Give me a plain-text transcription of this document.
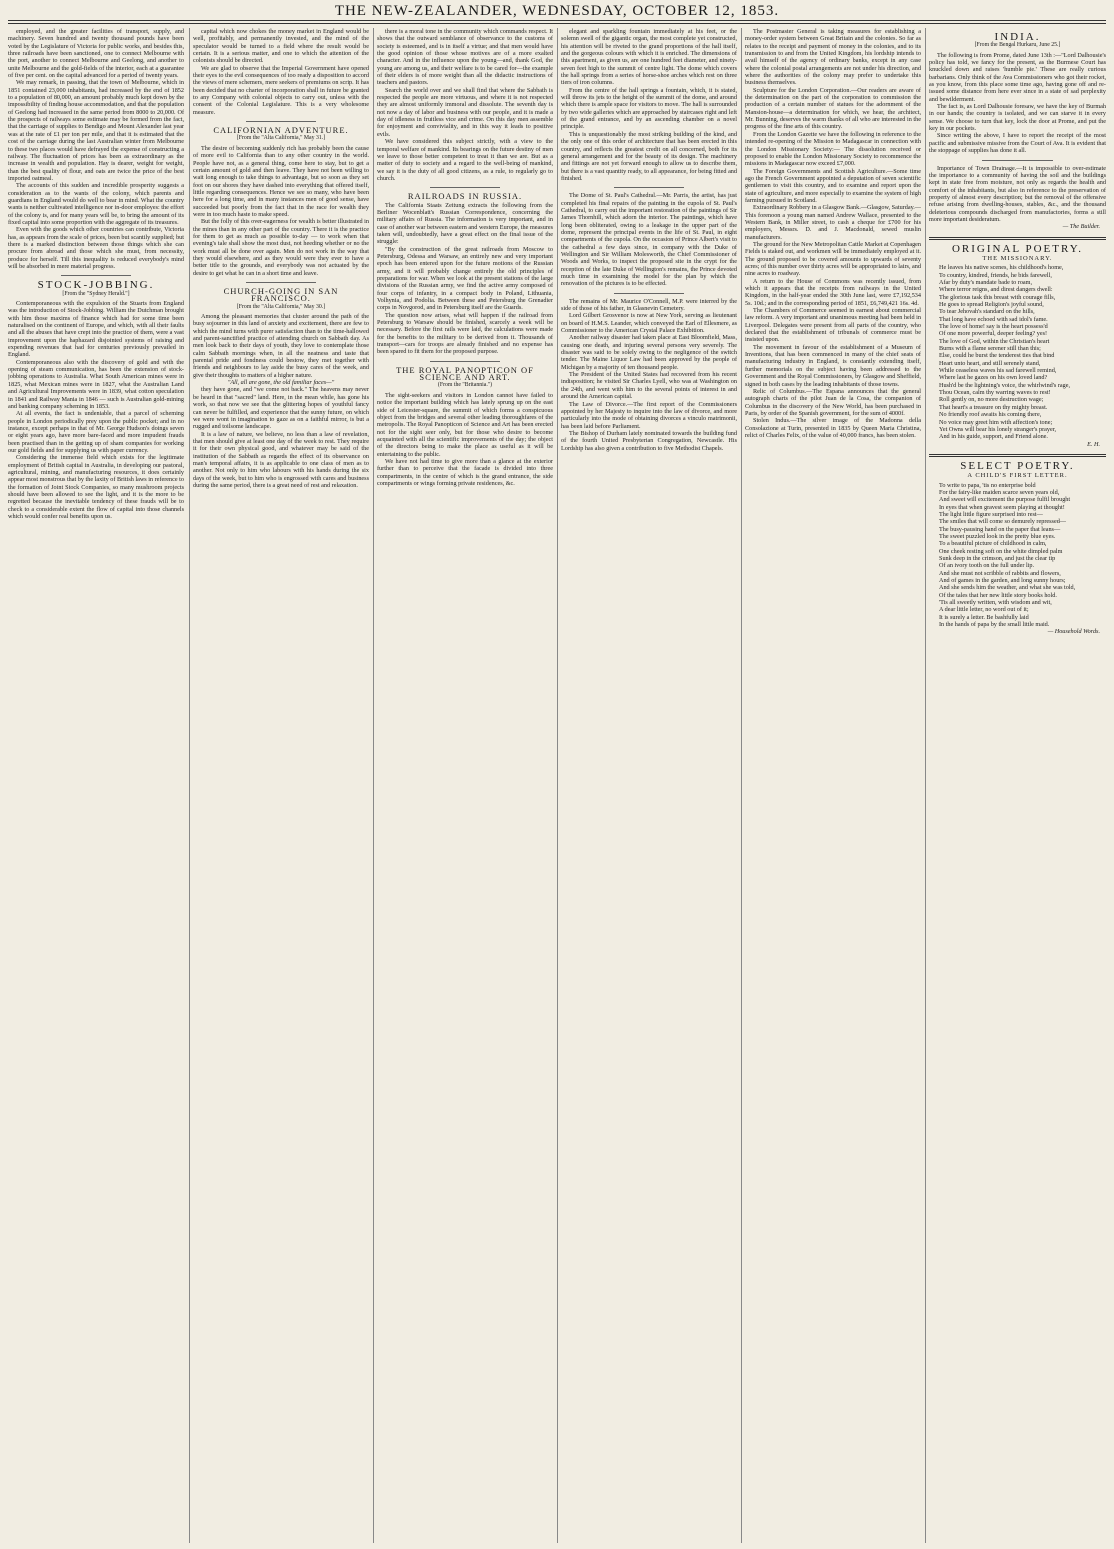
THE NEW-ZEALANDER, WEDNESDAY, OCTOBER 12, 1853.

employed, and the greater facilities of transport, supply, and machinery. Seven hundred and twenty thousand pounds have been voted by the Legislature of Victoria for public works, and besides this, three railroads have been sanctioned, one to connect Melbourne with the port, another to connect Melbourne and Geelong, and another to unite Melbourne and the gold-fields of the interior, each at a guarantee of five per cent. on the capital advanced for a period of twenty years.

We may remark, in passing, that the town of Melbourne, which in 1851 contained 23,000 inhabitants, had increased by the end of 1852 to a population of 80,000, an amount probably much kept down by the impossibility of finding house accommodation, and that the population of Geelong had increased in the same period from 8000 to 20,000. Of the prospects of railways some estimate may be formed from the fact, that the carriage of supplies to Bendigo and Mount Alexander last year was at the rate of £1 per ton per mile, and that it is estimated that the cost of the carriage during the last Australian winter from Melbourne to these two places would have defrayed the expense of constructing a railway. The fluctuation of prices has been as extraordinary as the increase in wealth and population. Hay is dearer, weight for weight, than the best quality of flour, and oats are twice the price of the best imported oatmeal.

The accounts of this sudden and incredible prosperity suggests a consideration as to the wants of the colony, which parents and guardians in England would do well to bear in mind. What the country wants is neither cultivated intelligence nor in-door employes: the effort of the colony is, and for many years will be, to bring the amount of its fixed capital into some proportion with the aggregate of its treasures.

Even with the goods which other countries can contribute, Victoria has, as appears from the scale of prices, been but scantily supplied; but there is a marked distinction between those things which she can procure from abroad and those which she must, from necessity, produce for herself. Till this inequality is reduced everybody's mind will be absorbed in mere material progress.

STOCK-JOBBING.
[From the "Sydney Herald."]

Contemporaneous with the expulsion of the Stuarts from England was the introduction of Stock-Jobbing. William the Dutchman brought with him those maxims of finance which had for some time been naturalised on the continent of Europe, and which, with all their faults and all the abuses that have crept into the practice of them, were a vast improvement upon the haphazard disjointed systems of raising and expending revenues that had for centuries previously prevailed in England.

Contemporaneous also with the discovery of gold and with the opening of steam communication, has been the extension of stock-jobbing operations to Australia. What South American mines were in 1825, what Mexican mines were in 1827, what the Australian Land and Agricultural Improvements were in 1839, what cotton speculation in 1841 and Railway Mania in 1846 — such is Australian gold-mining and banking company scheming in 1853.

At all events, the fact is undeniable, that a parcel of scheming people in London periodically prey upon the public pocket; and in no instance, except perhaps in that of Mr. George Hudson's doings seven or eight years ago, have more bare-faced and more impudent frauds been practised than in the getting up of sham companies for working our gold fields and for supplying us with paper currency.

Considering the immense field which exists for the legitimate employment of British capital in Australia, in developing our pastoral, agricultural, mining, and manufacturing resources, it does certainly appear most monstrous that by the laxity of British laws in reference to the formation of Joint Stock Companies, so many mushroom projects should have been allowed to see the light, and it is the more to be regretted because the inevitable tendency of these frauds will be to check to a considerable extent the flow of capital into those channels which would confer real benefits upon us.

capital which now chokes the money market in England would be well, profitably, and permanently invested, and the mind of the speculator would be turned to a field where the result would be certain. It is a serious matter, and one to which the attention of the colonists should be directed.

We are glad to observe that the Imperial Government have opened their eyes to the evil consequences of too ready a disposition to accord the views of mere schemers, mere seekers of premiums on scrip. It has been decided that no charter of incorporation shall in future be granted to any Company with colonial objects to carry out, unless with the consent of the Colonial Legislature. This is a very wholesome measure.

CALIFORNIAN ADVENTURE.
[From the "Alta California," May 31.]

The desire of becoming suddenly rich has probably been the cause of more evil to California than to any other country in the world. People have not, as a general thing, come here to stay, but to get a certain amount of gold and then leave. They have not been willing to wait long enough to take things to advantage, but so soon as they set foot on our shores they have dashed into everything that offered itself, little regarding consequences. Hence we see so many, who have been here for a long time, and in many instances men of good sense, have succeeded but poorly from the fact that in the race for wealth they were in too much haste to make speed.

But the folly of this over-eagerness for wealth is better illustrated in the mines than in any other part of the country. There it is the practice for them to get as much as possible to-day — to work when that evening's tale shall show the most dust, not heeding whether or no the work must all be done over again. Men do not work in the way that they would elsewhere, and as they would were they ever to have a better title to the grounds, and everybody was not actuated by the desire to get what he can in a short time and leave.

CHURCH-GOING IN SAN FRANCISCO.
[From the "Alta California," May 30.]

Among the pleasant memories that cluster around the path of the busy sojourner in this land of anxiety and excitement, there are few to which the mind turns with purer satisfaction than to the time-hallowed and parent-sanctified practice of attending church on Sabbath day. As men look back to their days of youth, they love to contemplate those calm Sabbath mornings when, in all the neatness and taste that parental pride and fondness could bestow, they met together with friends and neighbours to lay aside the busy cares of the week, and give their thoughts to matters of a higher nature.

"All, all are gone, the old familiar faces—"

they have gone, and "we come not back." The heavens may never be heard in that "sacred" land. Here, in the mean while, has gone his work, so that now we see that the glittering hopes of youthful fancy can never be fulfilled, and experience that the sunny future, on which we were wont in imagination to gaze as on a faithful mirror, is but a rugged and toilsome landscape.

It is a law of nature, we believe, no less than a law of revelation, that men should give at least one day of the week to rest. They require it for their own physical good, and whatever may be said of the institution of the Sabbath as regards the effect of its observance on man's temporal affairs, it is as applicable to one class of men as to another. Not only to him who labours with his hands during the six days of the week, but to him who is engrossed with cares and business during the same period, there is a great need of rest and relaxation.

there is a moral tone in the community which commands respect. It shows that the outward semblance of observance to the customs of society is esteemed, and is in itself a virtue; and that men would have the good opinion of those whose motives are of a more exalted character. And in the influence upon the young—and, thank God, the young are among us, and their welfare is to be cared for—the example of their elders is of more weight than all the didactic instructions of teachers and pastors.

Search the world over and we shall find that where the Sabbath is respected the people are more virtuous, and where it is not respected they are almost uniformly immoral and dissolute. The seventh day is not now a day of labor and business with our people, and it is made a day of idleness in fruitless vice and crime. On this day men assemble for enjoyment and conviviality, and in this way it leads to positive evils.

We have considered this subject strictly, with a view to the temporal welfare of mankind. Its bearings on the future destiny of men we leave to those better competent to treat it than we are. But as a matter of duty to society and a regard to the well-being of mankind, we say it is the duty of all good citizens, as a rule, to regularly go to church.

RAILROADS IN RUSSIA.

The California Staats Zeitung extracts the following from the Berliner Wocenblatt's Russian Correspondence, concerning the military affairs of Russia. The information is very important, and in case of another war between eastern and western Europe, the measures taken will, undoubtedly, have a great effect on the final issue of the struggle:

"By the construction of the great railroads from Moscow to Petersburg, Odessa and Warsaw, an entirely new and very important epoch has been entered upon for the future motions of the Russian army, and it will probably change entirely the old principles of preparations for war. When we look at the present stations of the large divisions of the Russian army, we find the active army composed of four corps of infantry, in a compact body in Poland, Lithuania, Volhynia, and Podolia. Between these and Petersburg the Grenadier corps in Novgorod, and in Petersburg itself are the Guards.

The question now arises, what will happen if the railroad from Petersburg to Warsaw should be finished, scarcely a week will be necessary. Before the first rails were laid, the calculations were made for the benefits to the military to be derived from it. Thousands of transport—cars for troops are already finished and no expense has been spared to fit them for the proposed purpose.

THE ROYAL PANOPTICON OF SCIENCE AND ART.
(From the "Britannia.")

The sight-seekers and visitors in London cannot have failed to notice the important building which has lately sprung up on the east side of Leicester-square, the summit of which forms a conspicuous object from the bridges and several other leading thoroughfares of the metropolis. The Royal Panopticon of Science and Art has been erected not for the sight seer only, but for those who desire to become acquainted with all the scientific improvements of the day; the object of the directors being to make the place as useful as it will be entertaining to the public.

We have not had time to give more than a glance at the exterior further than to perceive that the facade is divided into three compartments, in the centre of which is the grand entrance, the side compartments or wings forming private residences, &c.

elegant and sparkling fountain immediately at his feet, or the solemn swell of the gigantic organ, the most complete yet constructed, his attention will be riveted to the grand proportions of the hall itself, and the gorgeous colours with which it is enriched. The dimensions of this apartment, as given us, are one hundred feet diameter, and ninety-seven feet high to the summit of centre light. The dome which covers the hall springs from a series of horse-shoe arches which rest on three tiers of iron columns.

From the centre of the hall springs a fountain, which, it is stated, will throw its jets to the height of the summit of the dome, and around which there is ample space for visitors to move. The hall is surrounded by two wide galleries which are approached by staircases right and left of the grand entrance, and by an ascending chamber on a novel principle.

This is unquestionably the most striking building of the kind, and the only one of this order of architecture that has been erected in this country, and reflects the greatest credit on all concerned, both for its general arrangement and for the beauty of its design. The machinery and fittings are not yet forward enough to allow us to describe them, but there is a vast quantity ready, to all appearance, for being fitted and finished.

The Dome of St. Paul's Cathedral.—Mr. Parris, the artist, has just completed his final repairs of the painting in the cupola of St. Paul's Cathedral, to carry out the important restoration of the paintings of Sir James Thornhill, which adorn the interior. The paintings, which have long been obliterated, owing to a leakage in the upper part of the dome, represent the principal events in the life of St. Paul, in eight compartments of the cupola. On the occasion of Prince Albert's visit to the cathedral a few days since, in company with the Duke of Wellington and Sir William Molesworth, the Chief Commissioner of Woods and Works, to inspect the proposed site in the crypt for the reception of the late Duke of Wellington's remains, the Prince devoted much time in examining the model for the plan by which the renovation of the pictures is to be effected.

The remains of Mr. Maurice O'Connell, M.P. were interred by the side of those of his father, in Glasnevin Cemetery.

Lord Gilbert Grosvenor is now at New York, serving as lieutenant on board of H.M.S. Leander, which conveyed the Earl of Ellesmere, as Commissioner to the American Crystal Palace Exhibition.

Another railway disaster had taken place at East Bloomfield, Mass, causing one death, and injuring several persons very severely. The disaster was said to be solely owing to the negligence of the switch tender. The Maine Liquor Law had been approved by the people of Michigan by a majority of ten thousand people.

The President of the United States had recovered from his recent indisposition; he visited Sir Charles Lyell, who was at Washington on the 24th, and went with him to the several points of interest in and around the American capital.

The Law of Divorce.—The first report of the Commissioners appointed by her Majesty to inquire into the law of divorce, and more particularly into the mode of obtaining divorces a vinculo matrimonii, has been laid before Parliament.

The Bishop of Durham lately nominated towards the building fund of the fourth United Presbyterian Congregation, Newcastle. His Lordship has also given a contribution to five Methodist Chapels.

The Postmaster General is taking measures for establishing a money-order system between Great Britain and the colonies. So far as relates to the receipt and payment of money in the colonies, and to its transmission to and from the United Kingdom, his lordship intends to avail himself of the agency of ordinary banks, except in any case where the colonial postal arrangements are not under his direction, and where the authorities of the colony may prefer to undertake this business themselves.

Sculpture for the London Corporation.—Our readers are aware of the determination on the part of the corporation to commission the production of a certain number of statues for the adornment of the Mansion-house—a determination for which, we hear, the architect, Mr. Bunning, deserves the warm thanks of all who are interested in the progress of the fine arts of this country.

From the London Gazette we have the following in reference to the intended re-opening of the Mission to Madagascar in connection with the London Missionary Society:— The dissolution received or proposed to enable the London Missionary Society to recommence the missions in Madagascar now exceed £7,000.

The Foreign Governments and Scottish Agriculture.—Some time ago the French Government appointed a deputation of seven scientific gentlemen to visit this country, and to examine and report upon the state of agriculture, and more especially to examine the system of high farming pursued in Scotland.

Extraordinary Robbery in a Glasgow Bank.—Glasgow, Saturday.—This forenoon a young man named Andrew Wallace, presented to the Western Bank, in Miller street, to cash a cheque for £700 for his employers, Messrs. D. and J. Macdonald, sewed muslin manufacturers.

The ground for the New Metropolitan Cattle Market at Copenhagen Fields is staked out, and workmen will be immediately employed at it. The ground proposed to be covered amounts to upwards of seventy acres; of this number over thirty acres will be appropriated to lairs, and nine acres to roadway.

A return to the House of Commons was recently issued, from which it appears that the receipts from railways in the United Kingdom, in the half-year ended the 30th June last, were £7,192,534 5s. 10d.; and in the corresponding period of 1851, £6,749,421 16s. 4d.

The Chambers of Commerce seemed in earnest about commercial law reform. A very important and unanimous meeting had been held in Liverpool. Delegates were present from all parts of the country, who declared that the establishment of tribunals of commerce must be insisted upon.

The movement in favour of the establishment of a Museum of Inventions, that has been commenced in many of the chief seats of manufacturing industry in England, is constantly extending itself, further memorials on the subject having been addressed to the Government and the Royal Commissioners, by Glasgow and Sheffield, signed in both cases by the leading inhabitants of those towns.

Relic of Columbus.—The Espana announces that the general autograph charts of the pilot Juan de la Cosa, the companion of Columbus in the discovery of the New World, has been purchased in Paris, by order of the Spanish government, for the sum of 4000f.

Stolen Indus.—The silver image of the Madonna della Consolazione at Turin, presented in 1835 by Queen Maria Christina, relict of Charles Felix, of the value of 40,000 francs, has been stolen.

INDIA.
[From the Bengal Hurkaru, June 25.]

The following is from Prome, dated June 13th :—"Lord Dalhousie's policy has told, we fancy for the present, as the Burmese Court has knuckled down and raises 'humble pie.' These are really curious barbarians. Only think of the Ava Commissioners who got their rocket, as you know, from this place some time ago, having gone off and re-issued some distance from here ever since in a state of sad perplexity and bewilderment.

The fact is, as Lord Dalhousie foresaw, we have the key of Burmah in our hands; the country is isolated, and we can starve it in every sense. We choose to turn that key, lock the door at Prome, and put the key in our pockets.

Since writing the above, I have to report the receipt of the most pacific and submissive missive from the Court of Ava. It is evident that the stoppage of supplies has done it all.

Importance of Town Drainage.—It is impossible to over-estimate the importance to a community of having the soil and the buildings kept in state free from moisture, not only as regards the health and comfort of the inhabitants, but also in reference to the preservation of property of almost every description; but the removal of the offensive refuse arising from dwelling-houses, stables, &c., and the thousand deleterious compounds discharged from manufactories, forms a still more important desideratum.

— The Builder.
ORIGINAL POETRY.

THE MISSIONARY.

He leaves his native scenes, his childhood's home,

To country, kindred, friends, he bids farewell,

Afar by duty's mandate bade to roam,

Where terror reigns, and direst dangers dwell:

The glorious task this breast with courage fills,

He goes to spread Religion's joyful sound,

To tear Jehovah's standard on the hills,

That long have echoed with sad idol's fame.

The love of home! say is the heart possess'd

Of one more powerful, deeper feeling? yes!

The love of God, within the Christian's heart

Burns with a flame serener still than this;

Else, could he burst the tenderest ties that bind

Heart unto heart, and still serenely stand,

While ceaseless waves his sad farewell remind,

Where last he gazes on his own loved land?

Hush'd be the lightning's voice, the whirlwind's rage,

Thou Ocean, calm thy warring waves to rest!

Roll gently on, no more destruction wage;

That heart's a treasure on thy mighty breast.

No friendly roof awaits his coming there,

No voice may greet him with affection's tone;

Yet Owns will bear his lonely stranger's prayer,

And in his guide, support, and Friend alone.

E. H.
SELECT POETRY.

A CHILD'S FIRST LETTER.

To write to papa, 'tis no enterprise bold

For the fairy-like maiden scarce seven years old,

And sweet will excitement the purpose fulfil brought

In eyes that when gravest seem playing at thought!

The light little figure surprised into rest—

The smiles that will come so demurely repressed—

The busy-pausing hand on the paper that leans—

The sweet puzzled look in the pretty blue eyes.

To a beautiful picture of childhood in calm,

One cheek resting soft on the white dimpled palm

Sunk deep in the crimson, and just the clear tip

Of an ivory tooth on the full under lip.

And she must not scribble of rabbits and flowers,

And of games in the garden, and long sunny hours;

And she sends him the weather, and what she was told,

Of the tales that her new little story books hold.

'Tis all sweetly written, with wisdom and wit,

A dear little letter, no word out of it;

It is surely a letter. Be bashfully laid

In the hands of papa by the small little maid.

— Household Words.
